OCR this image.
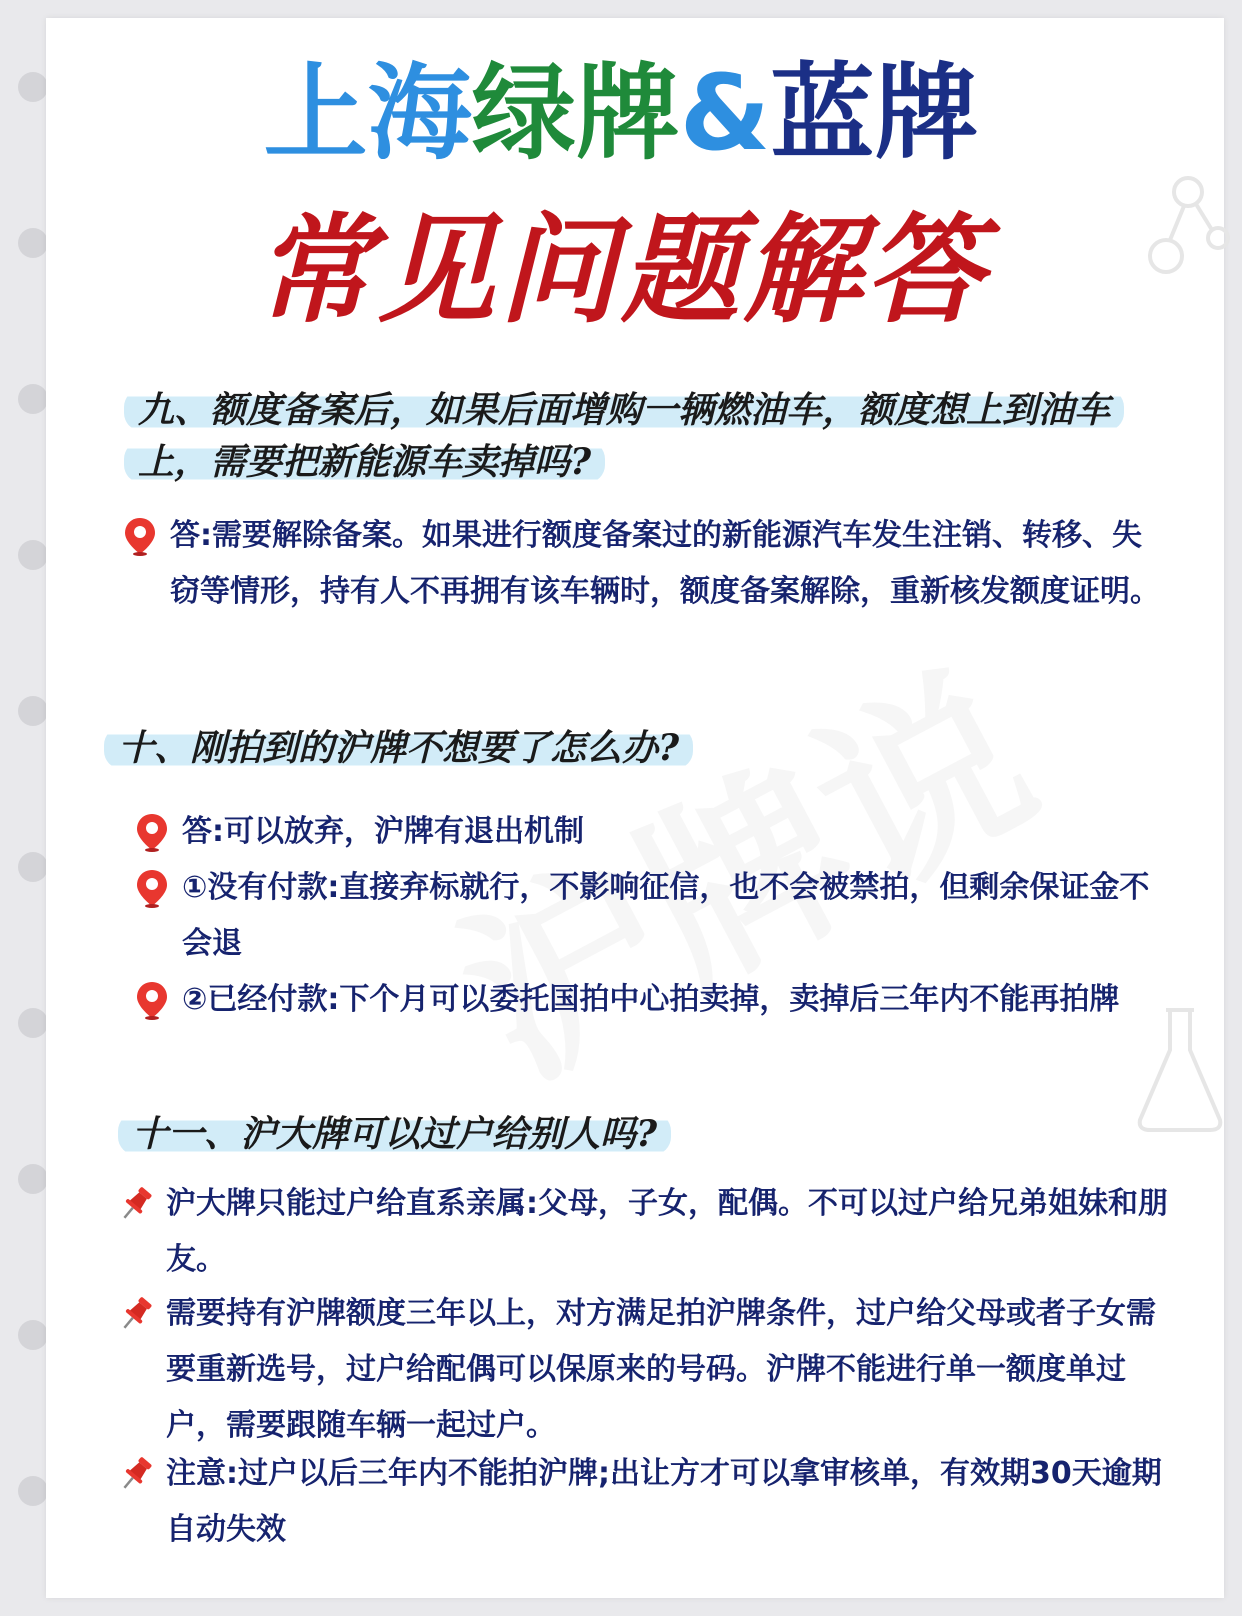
上海绿牌&蓝牌
常见问题解答
九、额度备案后，如果后面增购一辆燃油车，额度想上到油车上，需要把新能源车卖掉吗?
答:需要解除备案。如果进行额度备案过的新能源汽车发生注销、转移、失窃等情形，持有人不再拥有该车辆时，额度备案解除，重新核发额度证明。
十、刚拍到的沪牌不想要了怎么办?
答:可以放弃，沪牌有退出机制
①没有付款:直接弃标就行，不影响征信，也不会被禁拍，但剩余保证金不会退
②已经付款:下个月可以委托国拍中心拍卖掉，卖掉后三年内不能再拍牌
十一、沪大牌可以过户给别人吗?
沪大牌只能过户给直系亲属:父母，子女，配偶。不可以过户给兄弟姐妹和朋友。
需要持有沪牌额度三年以上，对方满足拍沪牌条件，过户给父母或者子女需要重新选号，过户给配偶可以保原来的号码。沪牌不能进行单一额度单过户，需要跟随车辆一起过户。
注意:过户以后三年内不能拍沪牌;出让方才可以拿审核单，有效期30天逾期自动失效
